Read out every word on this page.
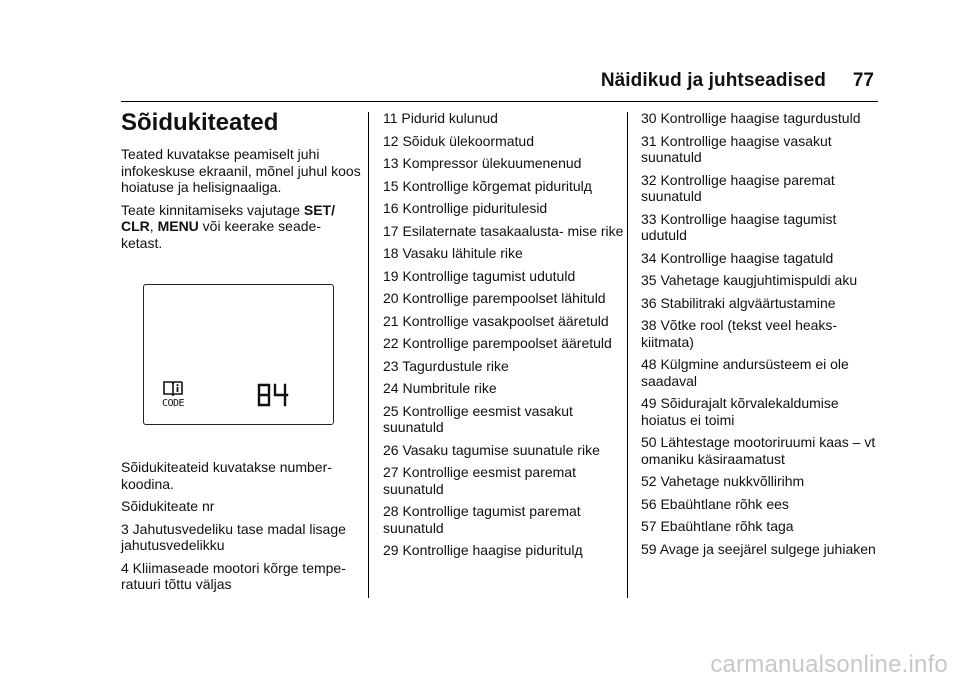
Näidikud ja juhtseadised 77
Sõidukiteated

Teated kuvatakse peamiselt juhi infokeskuse ekraanil, mõnel juhul koos hoiatuse ja helisignaaliga.

Teate kinnitamiseks vajutage SET/ CLR, MENU või keerake seade- ketast.

CODE
84

Sõidukiteateid kuvatakse number- koodina.

Sõidukiteate nr

3 Jahutusvedeliku tase madal lisage jahutusvedelikku

4 Kliimaseade mootori kõrge tempe- ratuuri tõttu väljas

11 Pidurid kulunud

12 Sõiduk ülekoormatud

13 Kompressor ülekuumenenud

15 Kontrollige kõrgemat piduritulд

16 Kontrollige piduritulesid

17 Esilaternate tasakaalusta- mise rike

18 Vasaku lähitule rike

19 Kontrollige tagumist udutuld

20 Kontrollige parempoolset lähituld

21 Kontrollige vasakpoolset ääretuld

22 Kontrollige parempoolset ääretuld

23 Tagurdustule rike

24 Numbritule rike

25 Kontrollige eesmist vasakut suunatuld

26 Vasaku tagumise suunatule rike

27 Kontrollige eesmist paremat suunatuld

28 Kontrollige tagumist paremat suunatuld

29 Kontrollige haagise piduritulд

30 Kontrollige haagise tagurdustuld

31 Kontrollige haagise vasakut suunatuld

32 Kontrollige haagise paremat suunatuld

33 Kontrollige haagise tagumist udutuld

34 Kontrollige haagise tagatuld

35 Vahetage kaugjuhtimispuldi aku

36 Stabilitraki algväärtustamine

38 Võtke rool (tekst veel heaks- kiitmata)

48 Külgmine andursüsteem ei ole saadaval

49 Sõidurajalt kõrvalekaldumise hoiatus ei toimi

50 Lähtestage mootoriruumi kaas – vt omaniku käsiraamatust

52 Vahetage nukkvõllirihm

56 Ebaühtlane rõhk ees

57 Ebaühtlane rõhk taga

59 Avage ja seejärel sulgege juhiaken

carmanualsonline.info
